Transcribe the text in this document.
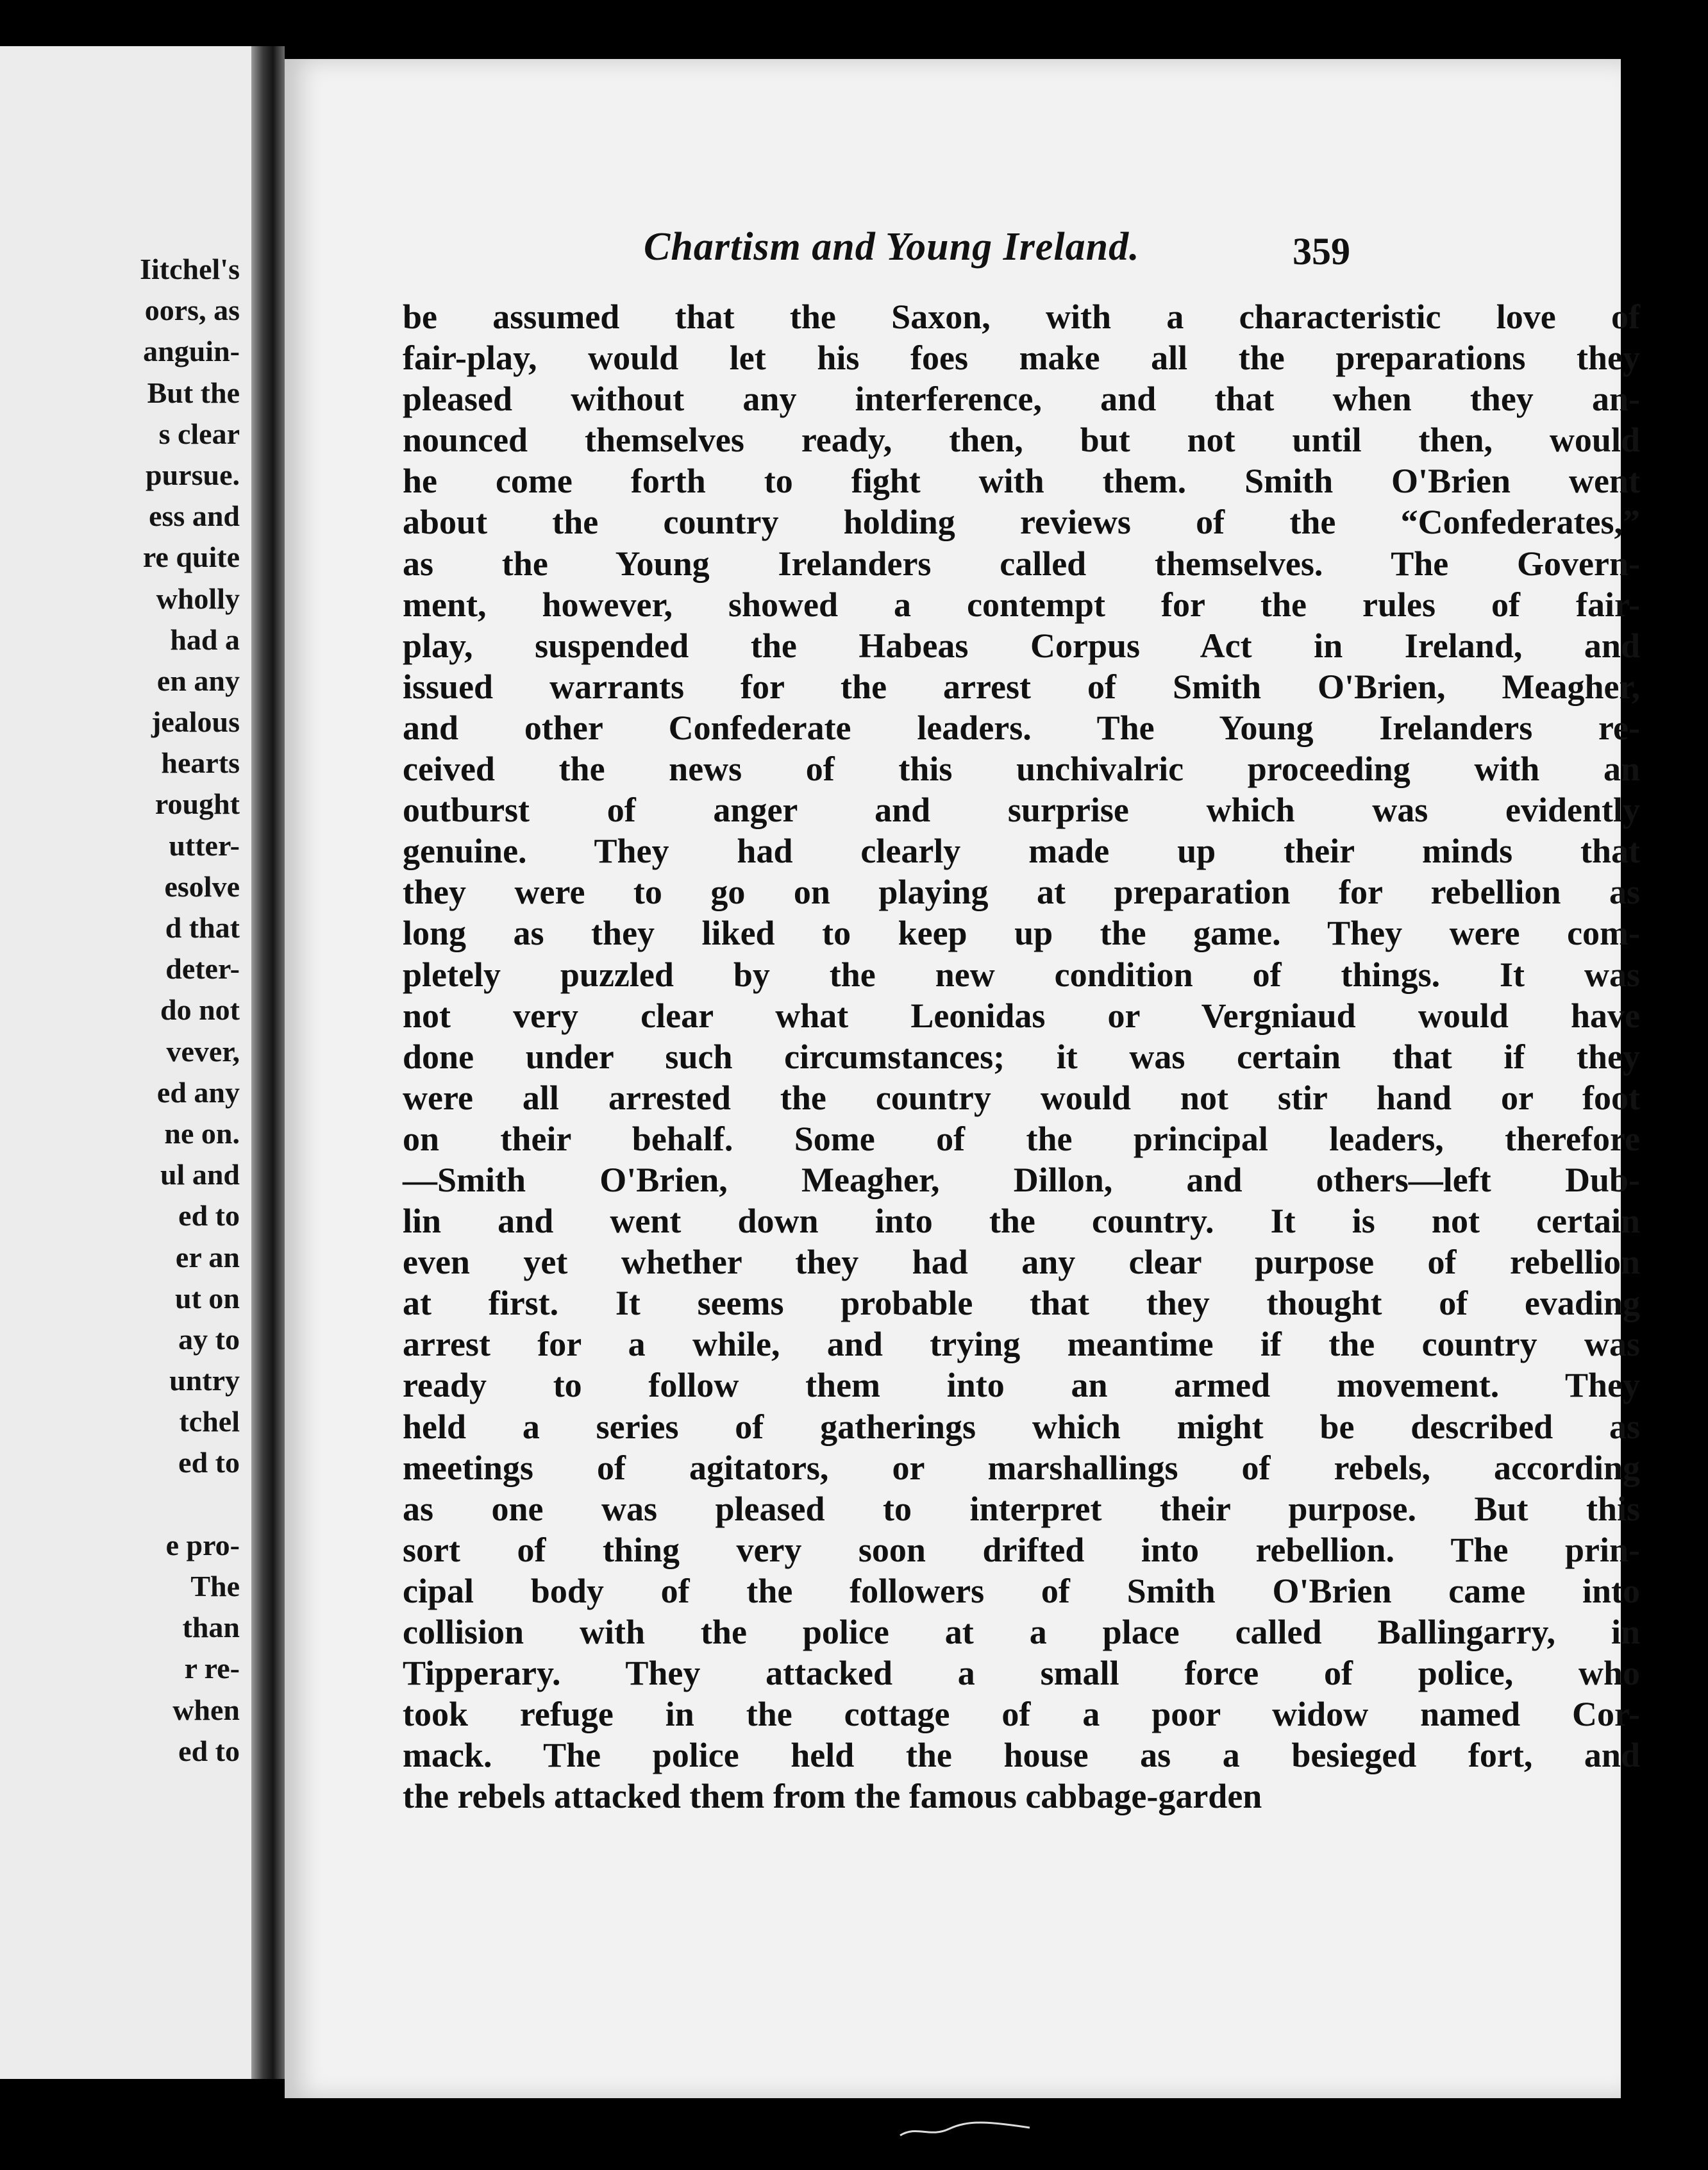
Iitchel's
oors, as
anguin-
But the
s clear
pursue.
ess and
re quite
wholly
had a
en any
jealous
hearts
rought
utter-
esolve
d that
deter-
do not
vever,
ed any
ne on.
ul and
ed to
er an
ut on
ay to
untry
tchel
ed to
e pro-
The
than
r re-
when
ed to
Chartism and Young Ireland.	359
be assumed that the Saxon, with a characteristic love of
fair-play, would let his foes make all the preparations they
pleased without any interference, and that when they an-
nounced themselves ready, then, but not until then, would
he come forth to fight with them. Smith O'Brien went
about the country holding reviews of the “Confederates,”
as the Young Irelanders called themselves. The Govern-
ment, however, showed a contempt for the rules of fair-
play, suspended the Habeas Corpus Act in Ireland, and
issued warrants for the arrest of Smith O'Brien, Meagher,
and other Confederate leaders. The Young Irelanders re-
ceived the news of this unchivalric proceeding with an
outburst of anger and surprise which was evidently
genuine. They had clearly made up their minds that
they were to go on playing at preparation for rebellion as
long as they liked to keep up the game. They were com-
pletely puzzled by the new condition of things. It was
not very clear what Leonidas or Vergniaud would have
done under such circumstances; it was certain that if they
were all arrested the country would not stir hand or foot
on their behalf. Some of the principal leaders, therefore
—Smith O'Brien, Meagher, Dillon, and others—left Dub-
lin and went down into the country. It is not certain
even yet whether they had any clear purpose of rebellion
at first. It seems probable that they thought of evading
arrest for a while, and trying meantime if the country was
ready to follow them into an armed movement. They
held a series of gatherings which might be described as
meetings of agitators, or marshallings of rebels, according
as one was pleased to interpret their purpose. But this
sort of thing very soon drifted into rebellion. The prin-
cipal body of the followers of Smith O'Brien came into
collision with the police at a place called Ballingarry, in
Tipperary. They attacked a small force of police, who
took refuge in the cottage of a poor widow named Cor-
mack. The police held the house as a besieged fort, and
the rebels attacked them from the famous cabbage-garden
